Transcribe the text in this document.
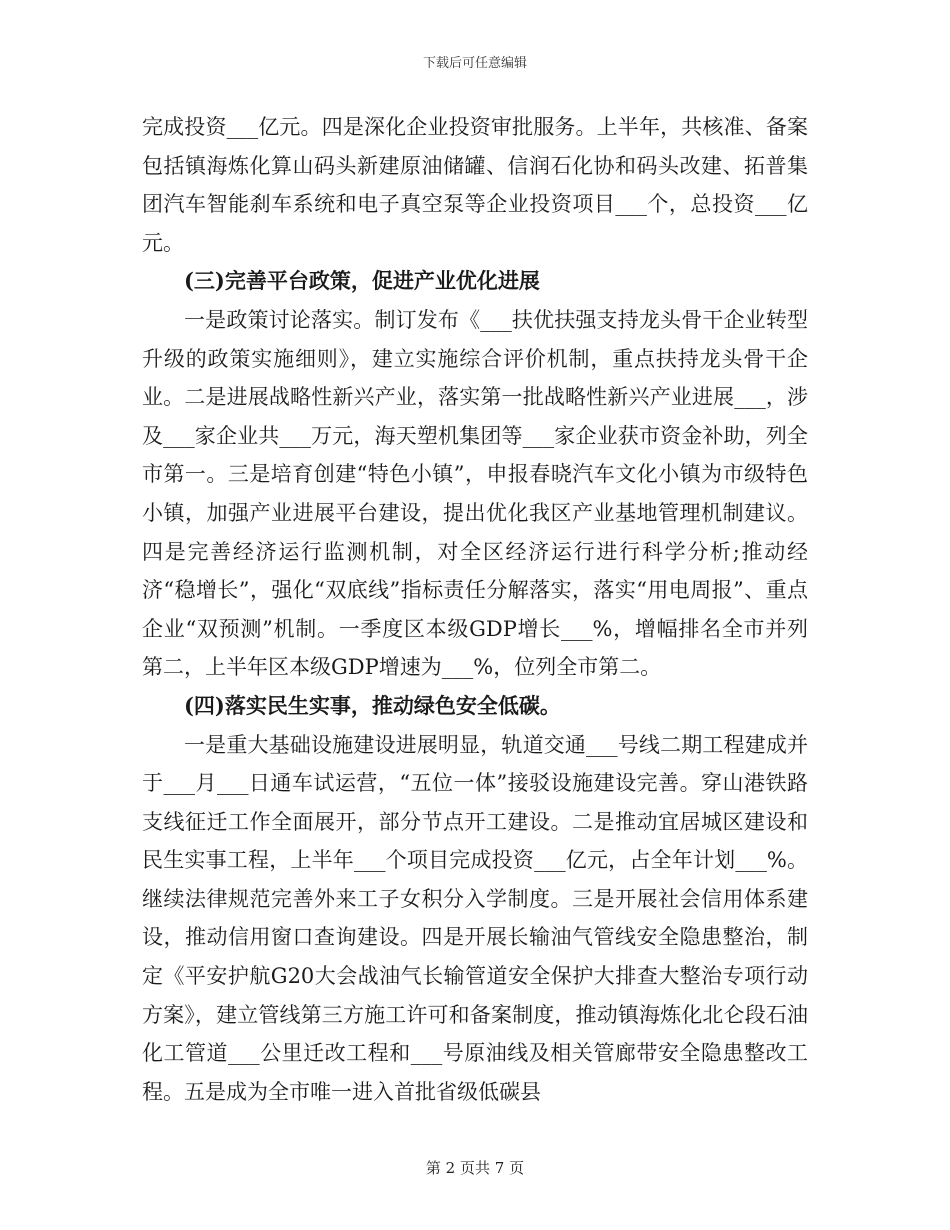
下载后可任意编辑

完成投资___亿元。四是深化企业投资审批服务。上半年，共核准、备案包括镇海炼化算山码头新建原油储罐、信润石化协和码头改建、拓普集团汽车智能刹车系统和电子真空泵等企业投资项目___个，总投资___亿元。

(三)完善平台政策，促进产业优化进展

一是政策讨论落实。制订发布《___扶优扶强支持龙头骨干企业转型升级的政策实施细则》，建立实施综合评价机制，重点扶持龙头骨干企业。二是进展战略性新兴产业，落实第一批战略性新兴产业进展___，涉及___家企业共___万元，海天塑机集团等___家企业获市资金补助，列全市第一。三是培育创建“特色小镇”，申报春晓汽车文化小镇为市级特色小镇，加强产业进展平台建设，提出优化我区产业基地管理机制建议。四是完善经济运行监测机制，对全区经济运行进行科学分析;推动经济“稳增长”，强化“双底线”指标责任分解落实，落实“用电周报”、重点企业“双预测”机制。一季度区本级GDP增长___%，增幅排名全市并列第二，上半年区本级GDP增速为___%，位列全市第二。

(四)落实民生实事，推动绿色安全低碳。

一是重大基础设施建设进展明显，轨道交通___号线二期工程建成并于___月___日通车试运营，“五位一体”接驳设施建设完善。穿山港铁路支线征迁工作全面展开，部分节点开工建设。二是推动宜居城区建设和民生实事工程，上半年___个项目完成投资___亿元，占全年计划___%。继续法律规范完善外来工子女积分入学制度。三是开展社会信用体系建设，推动信用窗口查询建设。四是开展长输油气管线安全隐患整治，制定《平安护航G20大会战油气长输管道安全保护大排查大整治专项行动方案》，建立管线第三方施工许可和备案制度，推动镇海炼化北仑段石油化工管道___公里迁改工程和___号原油线及相关管廊带安全隐患整改工程。五是成为全市唯一进入首批省级低碳县

第 2 页共 7 页
